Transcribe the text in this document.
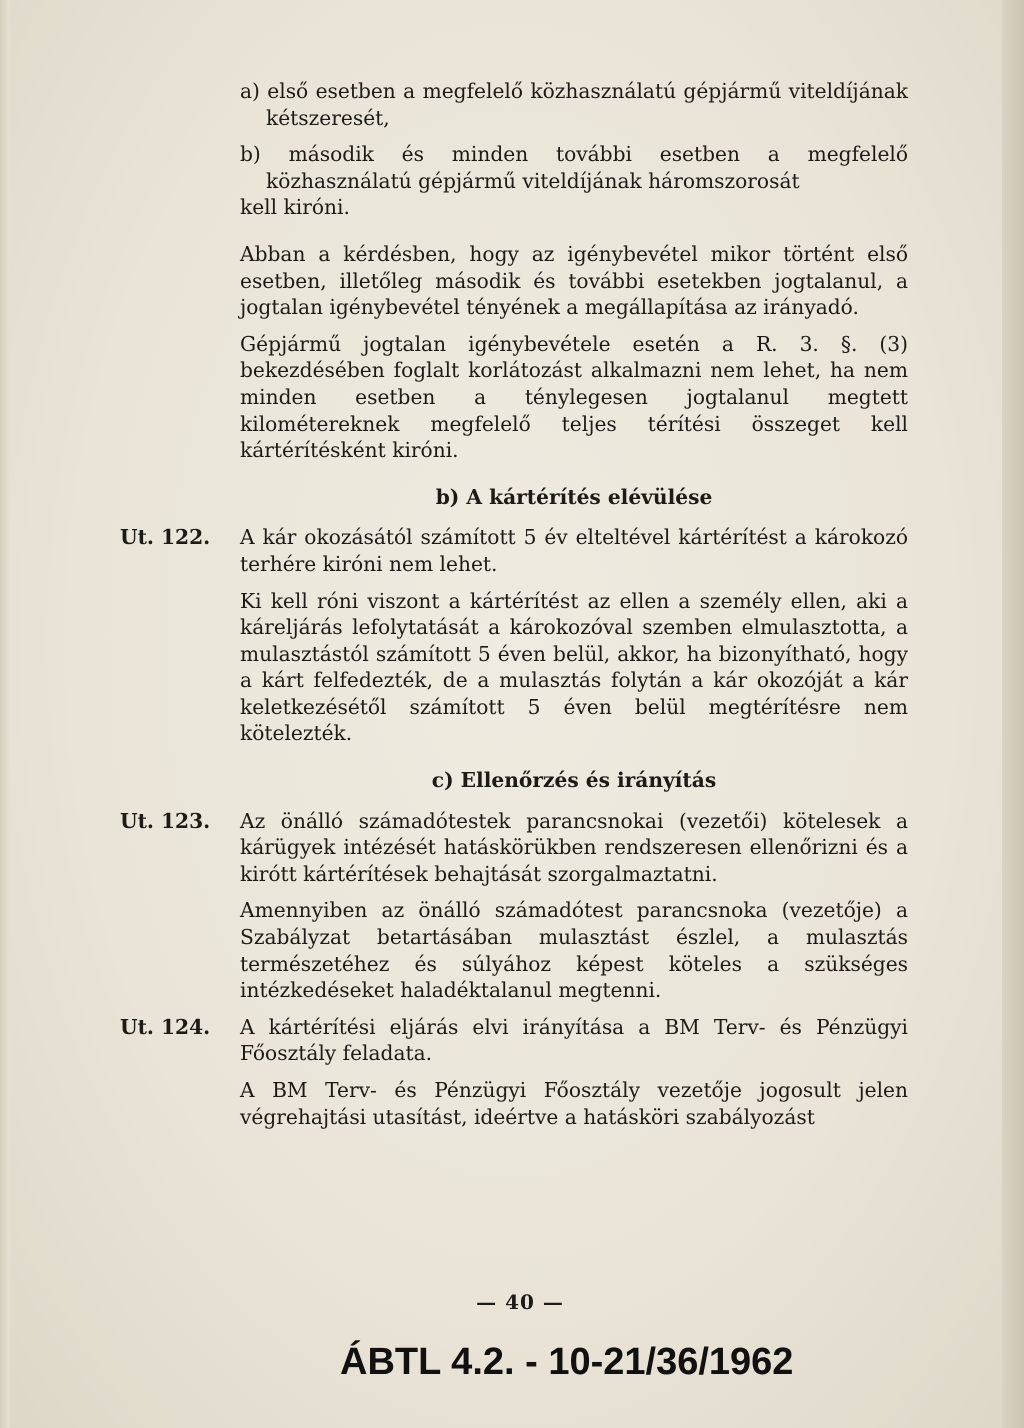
a) első esetben a megfelelő közhasználatú gépjármű viteldíjának kétszeresét,

b) második és minden további esetben a megfelelő közhasználatú gépjármű viteldíjának háromszorosát

kell kiróni.

Abban a kérdésben, hogy az igénybevétel mikor történt első esetben, illetőleg második és további esetekben jogtalanul, a jogtalan igénybevétel tényének a megállapítása az irányadó.

Gépjármű jogtalan igénybevétele esetén a R. 3. §. (3) bekezdésében foglalt korlátozást alkalmazni nem lehet, ha nem minden esetben a ténylegesen jogtalanul megtett kilométereknek megfelelő teljes térítési összeget kell kártérítésként kiróni.

b) A kártérítés elévülése

Ut. 122.	A kár okozásától számított 5 év elteltével kártérítést a károkozó terhére kiróni nem lehet.

Ki kell róni viszont a kártérítést az ellen a személy ellen, aki a kárеljárás lefolytatását a károkozóval szemben elmulasztotta, a mulasztástól számított 5 éven belül, akkor, ha bizonyítható, hogy a kárt felfedezték, de a mulasztás folytán a kár okozóját a kár keletkezésétől számított 5 éven belül megtérítésre nem kötelezték.

c) Ellenőrzés és irányítás

Ut. 123.	Az önálló számadótestek parancsnokai (vezetői) kötelesek a kárügyek intézését hatáskörükben rendszeresen ellenőrizni és a kirótt kártérítések behajtását szorgalmaztatni.

Amennyiben az önálló számadótest parancsnoka (vezetője) a Szabályzat betartásában mulasztást észlel, a mulasztás természetéhez és súlyához képest köteles a szükséges intézkedéseket haladéktalanul megtenni.

Ut. 124.	A kártérítési eljárás elvi irányítása a BM Terv- és Pénzügyi Főosztály feladata.

A BM Terv- és Pénzügyi Főosztály vezetője jogosult jelen végrehajtási utasítást, ideértve a hatásköri szabályozást

— 40 —
ÁBTL 4.2. - 10-21/36/1962
